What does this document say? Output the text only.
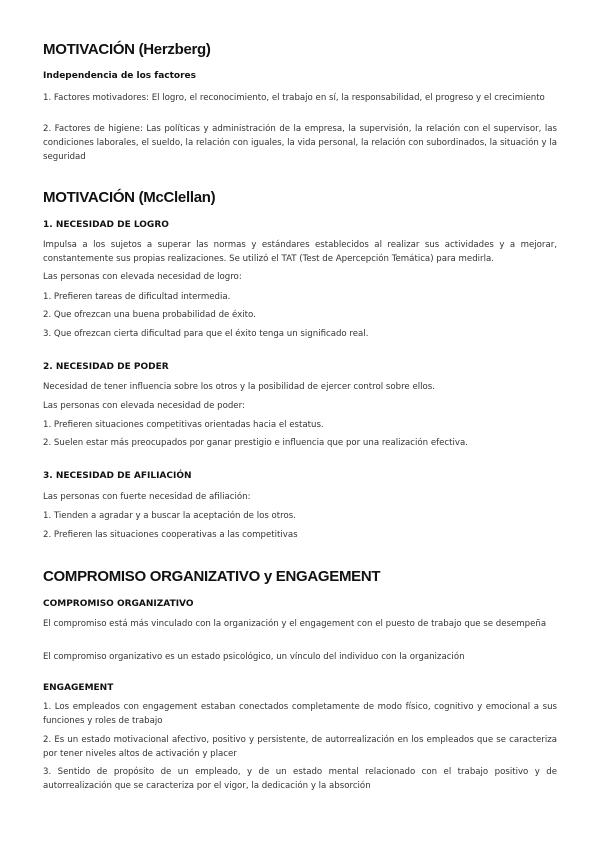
MOTIVACIÓN (Herzberg)
Independencia de los factores

1. Factores motivadores: El logro, el reconocimiento, el trabajo en sí, la responsabilidad, el progreso y el crecimiento

2. Factores de higiene: Las políticas y administración de la empresa, la supervisión, la relación con el supervisor, las condiciones laborales, el sueldo, la relación con iguales, la vida personal, la relación con subordinados, la situación y la seguridad

MOTIVACIÓN (McClellan)
1. NECESIDAD DE LOGRO

Impulsa a los sujetos a superar las normas y estándares establecidos al realizar sus actividades y a mejorar, constantemente sus propias realizaciones. Se utilizó el TAT (Test de Apercepción Temática) para medirla.

Las personas con elevada necesidad de logro:

1. Prefieren tareas de dificultad intermedia.

2. Que ofrezcan una buena probabilidad de éxito.

3. Que ofrezcan cierta dificultad para que el éxito tenga un significado real.

2. NECESIDAD DE PODER

Necesidad de tener influencia sobre los otros y la posibilidad de ejercer control sobre ellos.

Las personas con elevada necesidad de poder:

1. Prefieren situaciones competitivas orientadas hacia el estatus.

2. Suelen estar más preocupados por ganar prestigio e influencia que por una realización efectiva.

3. NECESIDAD DE AFILIACIÓN

Las personas con fuerte necesidad de afiliación:

1. Tienden a agradar y a buscar la aceptación de los otros.

2. Prefieren las situaciones cooperativas a las competitivas

COMPROMISO ORGANIZATIVO y ENGAGEMENT
COMPROMISO ORGANIZATIVO

El compromiso está más vinculado con la organización y el engagement con el puesto de trabajo que se desempeña

El compromiso organizativo es un estado psicológico, un vínculo del individuo con la organización

ENGAGEMENT

1. Los empleados con engagement estaban conectados completamente de modo físico, cognitivo y emocional a sus funciones y roles de trabajo

2. Es un estado motivacional afectivo, positivo y persistente, de autorrealización en los empleados que se caracteriza por tener niveles altos de activación y placer

3. Sentido de propósito de un empleado, y de un estado mental relacionado con el trabajo positivo y de autorrealización que se caracteriza por el vigor, la dedicación y la absorción
